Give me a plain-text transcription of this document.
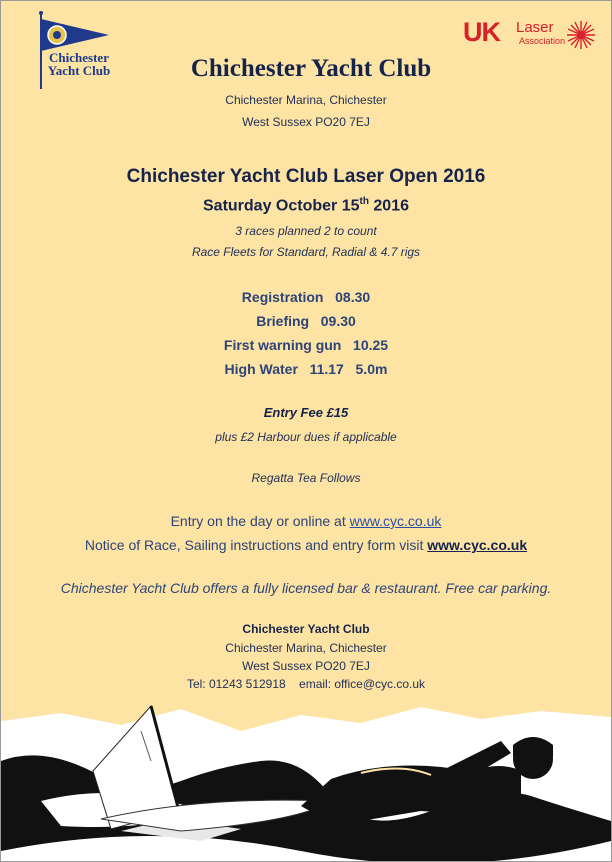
Chichester
Yacht Club
UK Laser
Association
Chichester Yacht Club
Chichester Marina, Chichester
West Sussex PO20 7EJ
Chichester Yacht Club Laser Open 2016
Saturday October 15th 2016
3 races planned 2 to count
Race Fleets for Standard, Radial & 4.7 rigs
Registration   08.30
Briefing   09.30
First warning gun   10.25
High Water   11.17   5.0m
Entry Fee £15
plus £2 Harbour dues if applicable
Regatta Tea Follows
Entry on the day or online at www.cyc.co.uk
Notice of Race, Sailing instructions and entry form visit www.cyc.co.uk
Chichester Yacht Club offers a fully licensed bar & restaurant. Free car parking.
Chichester Yacht Club
Chichester Marina, Chichester
West Sussex PO20 7EJ
Tel: 01243 512918    email: office@cyc.co.uk
